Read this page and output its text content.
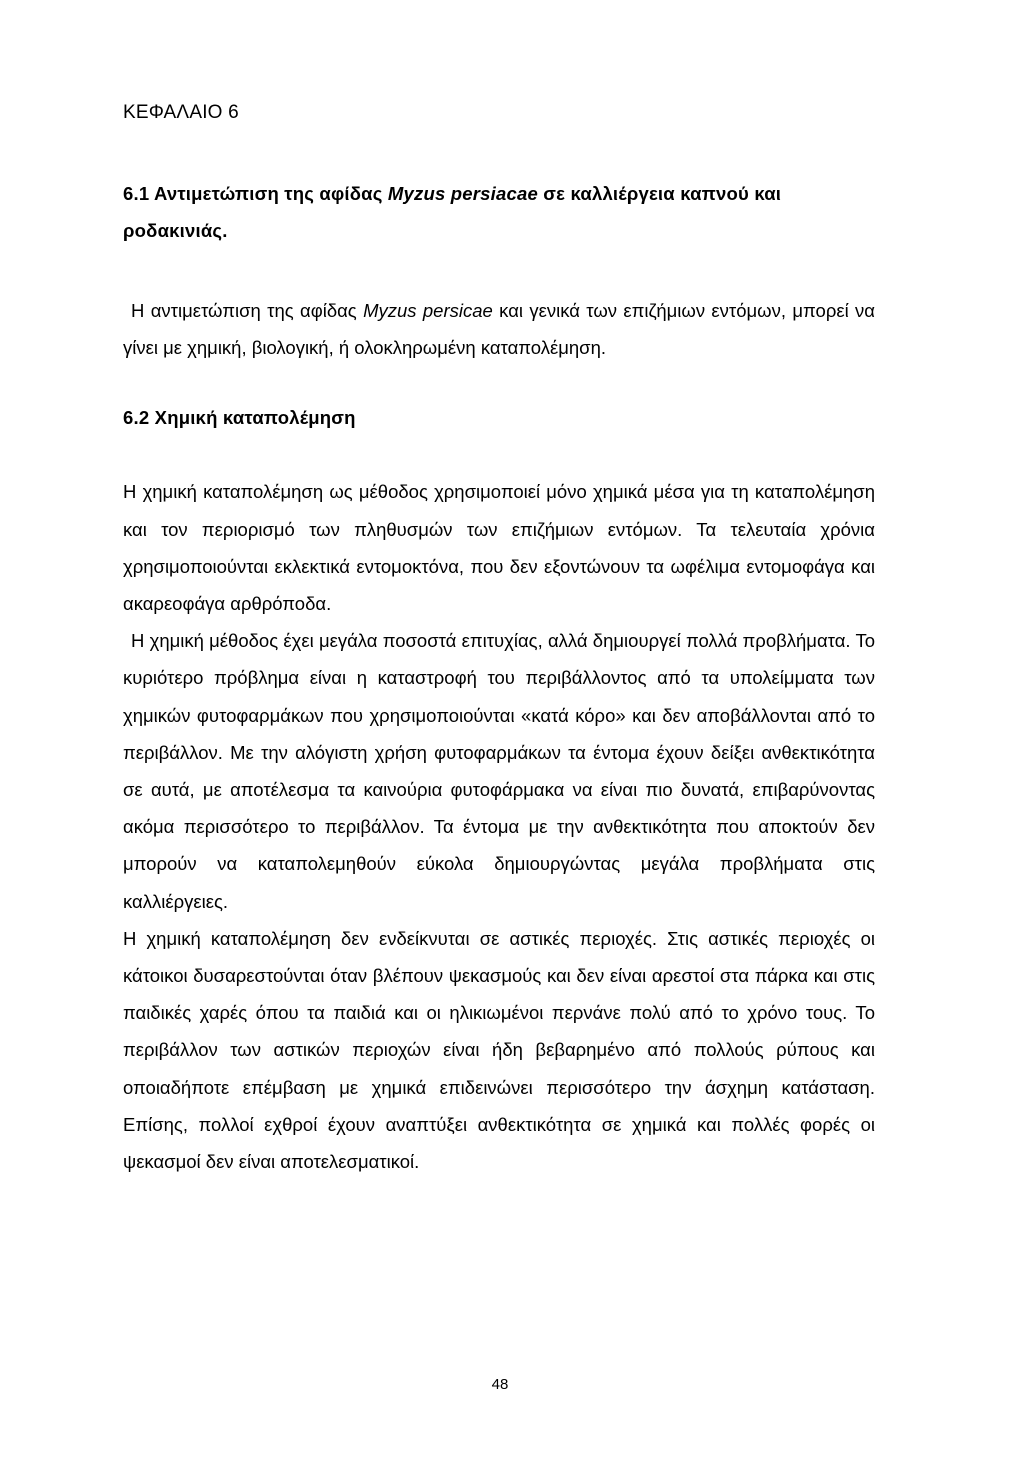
ΚΕΦΑΛΑΙΟ 6
6.1 Αντιμετώπιση της αφίδας Myzus persiacae σε καλλιέργεια καπνού και ροδακινιάς.

Η αντιμετώπιση της αφίδας Myzus persicae και γενικά των επιζήμιων εντόμων, μπορεί να γίνει με χημική, βιολογική, ή ολοκληρωμένη καταπολέμηση.

6.2 Χημική καταπολέμηση

Η χημική καταπολέμηση ως μέθοδος χρησιμοποιεί μόνο χημικά μέσα για τη καταπολέμηση και τον περιορισμό των πληθυσμών των επιζήμιων εντόμων. Τα τελευταία χρόνια χρησιμοποιούνται εκλεκτικά εντομοκτόνα, που δεν εξοντώνουν τα ωφέλιμα εντομοφάγα και ακαρεοφάγα αρθρόποδα.

Η χημική μέθοδος έχει μεγάλα ποσοστά επιτυχίας, αλλά δημιουργεί πολλά προβλήματα. Το κυριότερο πρόβλημα είναι η καταστροφή του περιβάλλοντος από τα υπολείμματα των χημικών φυτοφαρμάκων που χρησιμοποιούνται «κατά κόρο» και δεν αποβάλλονται από το περιβάλλον. Με την αλόγιστη χρήση φυτοφαρμάκων τα έντομα έχουν δείξει ανθεκτικότητα σε αυτά, με αποτέλεσμα τα καινούρια φυτοφάρμακα να είναι πιο δυνατά, επιβαρύνοντας ακόμα περισσότερο το περιβάλλον. Τα έντομα με την ανθεκτικότητα που αποκτούν δεν μπορούν να καταπολεμηθούν εύκολα δημιουργώντας μεγάλα προβλήματα στις καλλιέργειες.

Η χημική καταπολέμηση δεν ενδείκνυται σε αστικές περιοχές. Στις αστικές περιοχές οι κάτοικοι δυσαρεστούνται όταν βλέπουν ψεκασμούς και δεν είναι αρεστοί στα πάρκα και στις παιδικές χαρές όπου τα παιδιά και οι ηλικιωμένοι περνάνε πολύ από το χρόνο τους. Το περιβάλλον των αστικών περιοχών είναι ήδη βεβαρημένο από πολλούς ρύπους και οποιαδήποτε επέμβαση με χημικά επιδεινώνει περισσότερο την άσχημη κατάσταση. Επίσης, πολλοί εχθροί έχουν αναπτύξει ανθεκτικότητα σε χημικά και πολλές φορές οι ψεκασμοί δεν είναι αποτελεσματικοί.

48
